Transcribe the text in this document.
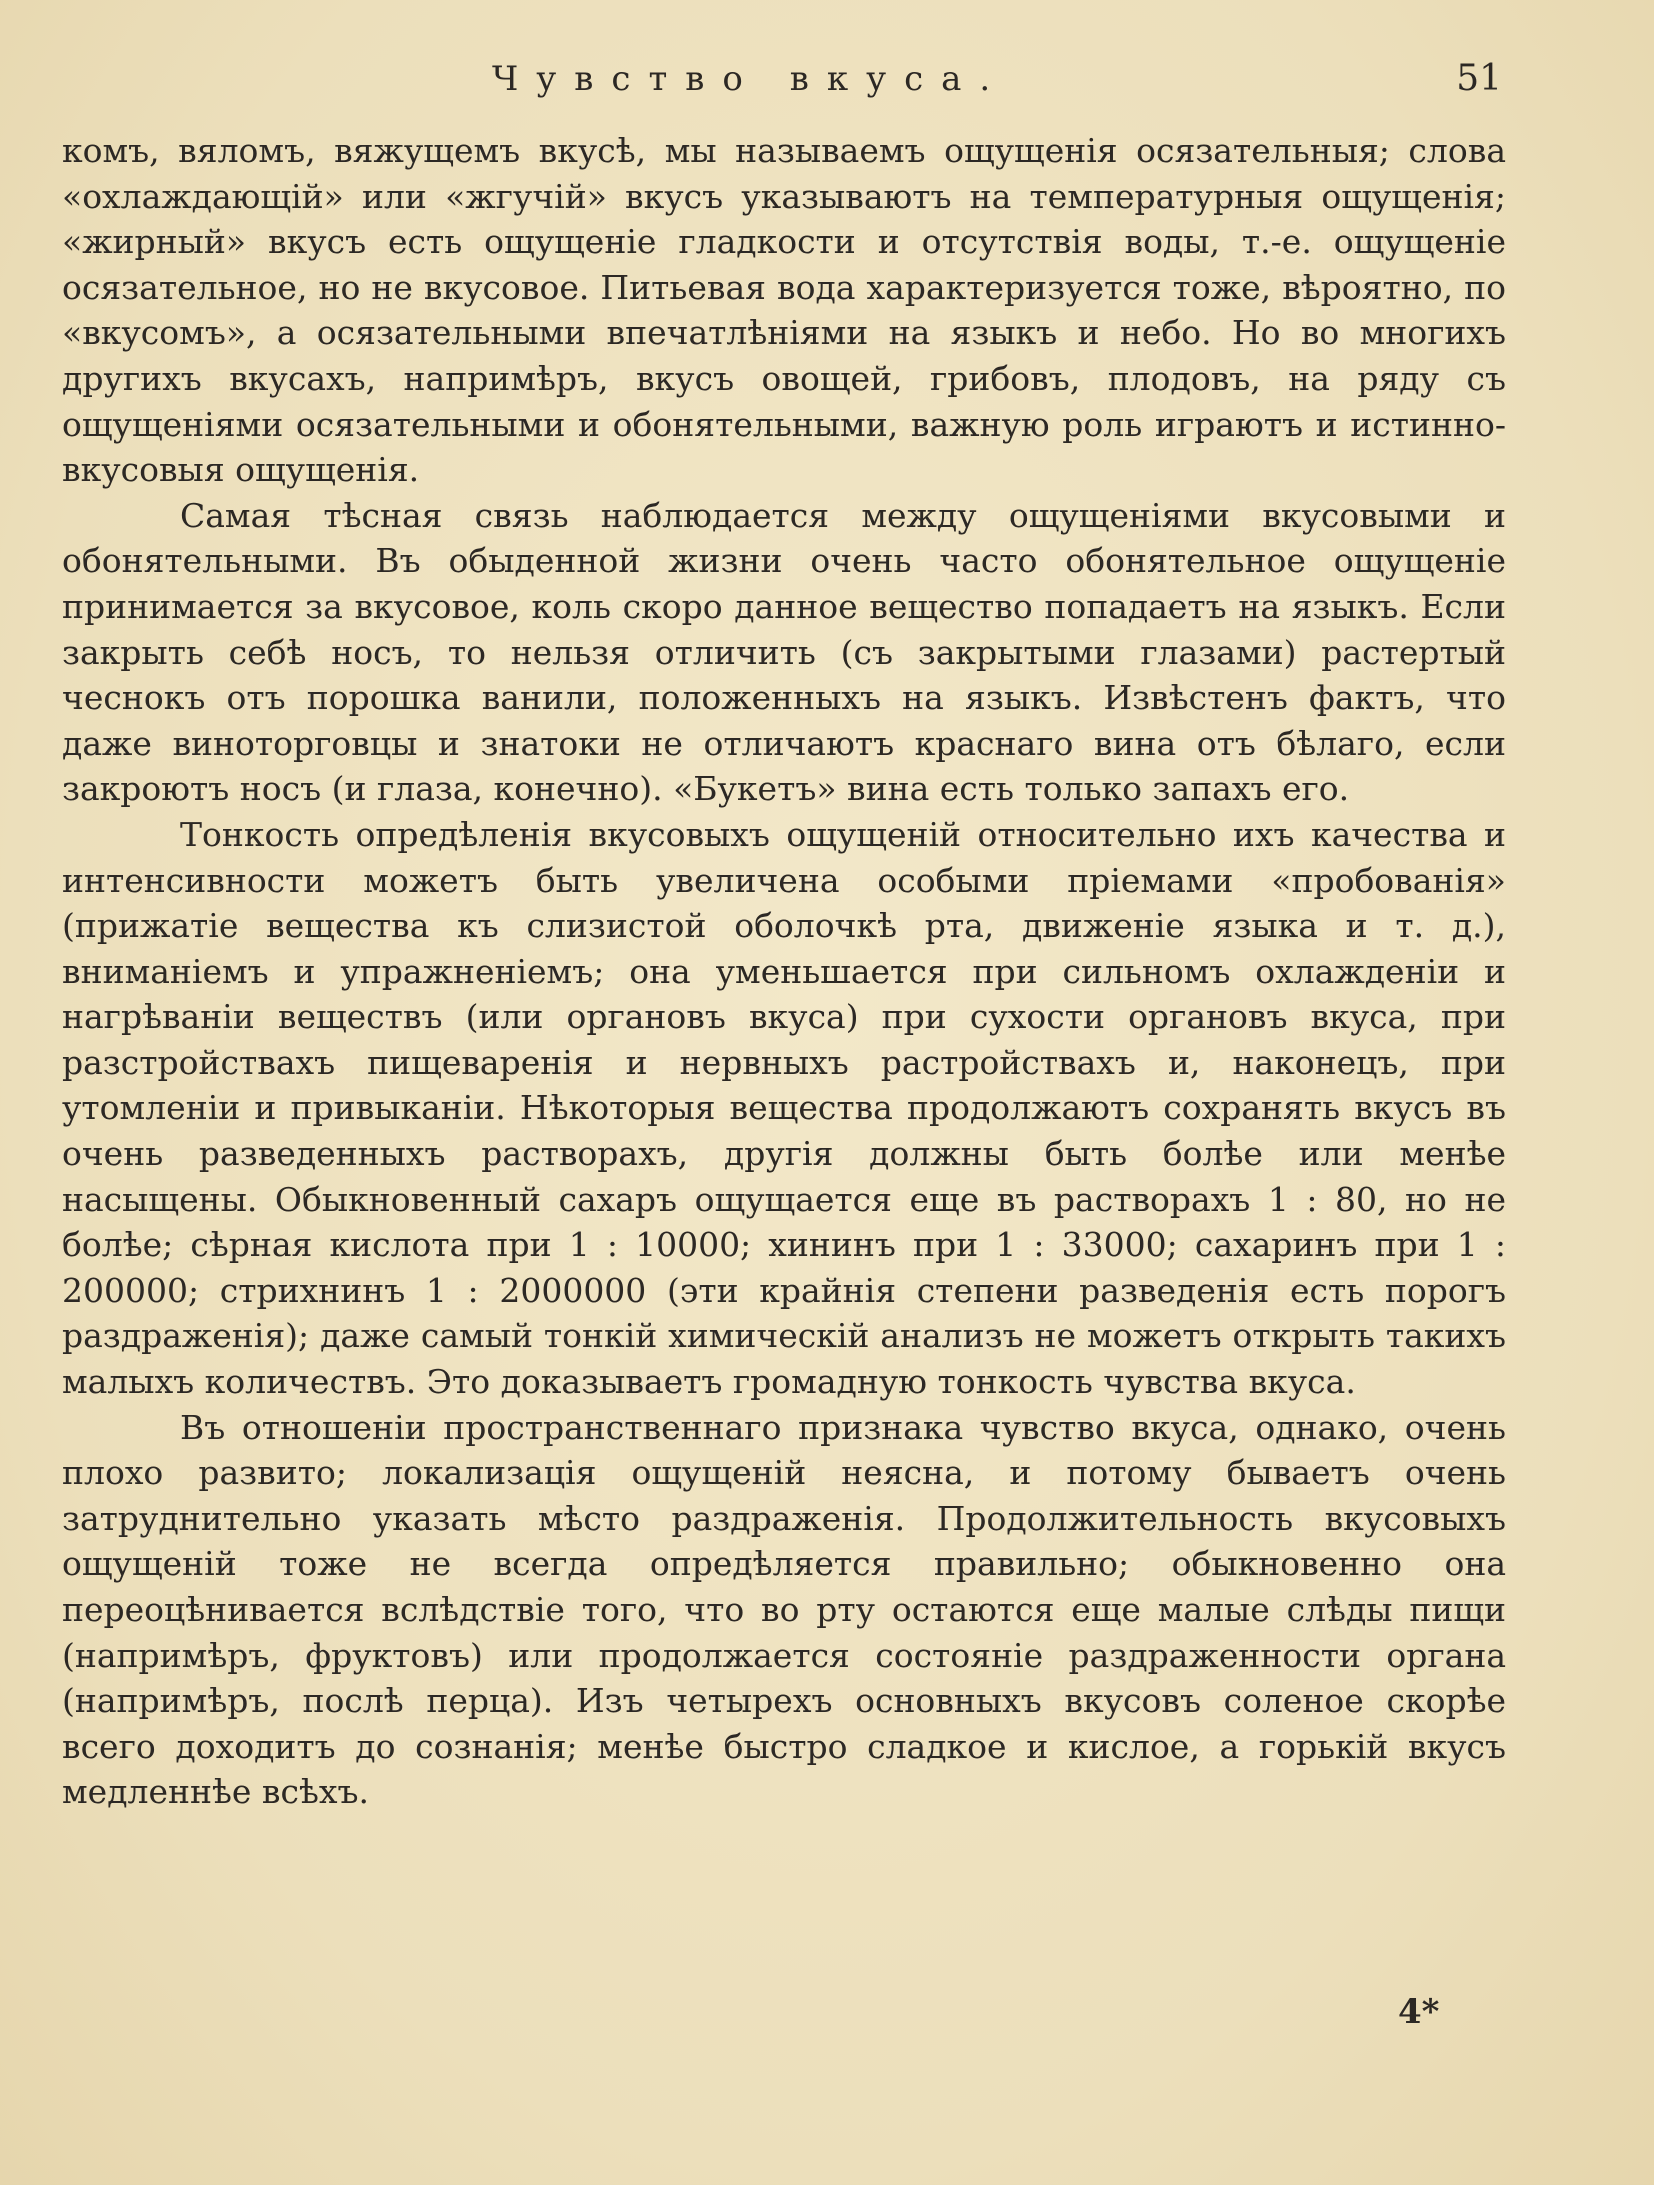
Чувство вкуса.	51

комъ, вяломъ, вяжущемъ вкусѣ, мы называемъ ощущенія осязательныя; слова «охлаждающій» или «жгучій» вкусъ указываютъ на температурныя ощущенія; «жирный» вкусъ есть ощущеніе гладкости и отсутствія воды, т.-е. ощущеніе осязательное, но не вкусовое. Питьевая вода характеризуется тоже, вѣроятно, по «вкусомъ», а осязательными впечатлѣніями на языкъ и небо. Но во многихъ другихъ вкусахъ, напримѣръ, вкусъ овощей, грибовъ, плодовъ, на ряду съ ощущеніями осязательными и обонятельными, важную роль играютъ и истинно-вкусовыя ощущенія.

Самая тѣсная связь наблюдается между ощущеніями вкусовыми и обонятельными. Въ обыденной жизни очень часто обонятельное ощущеніе принимается за вкусовое, коль скоро данное вещество попадаетъ на языкъ. Если закрыть себѣ носъ, то нельзя отличить (съ закрытыми глазами) растертый чеснокъ отъ порошка ванили, положенныхъ на языкъ. Извѣстенъ фактъ, что даже виноторговцы и знатоки не отличаютъ краснаго вина отъ бѣлаго, если закроютъ носъ (и глаза, конечно). «Букетъ» вина есть только запахъ его.

Тонкость опредѣленія вкусовыхъ ощущеній относительно ихъ качества и интенсивности можетъ быть увеличена особыми пріемами «пробованія» (прижатіе вещества къ слизистой оболочкѣ рта, движеніе языка и т. д.), вниманіемъ и упражненіемъ; она уменьшается при сильномъ охлажденіи и нагрѣваніи веществъ (или органовъ вкуса) при сухости органовъ вкуса, при разстройствахъ пищеваренія и нервныхъ растройствахъ и, наконецъ, при утомленіи и привыканіи. Нѣкоторыя вещества продолжаютъ сохранять вкусъ въ очень разведенныхъ растворахъ, другія должны быть болѣе или менѣе насыщены. Обыкновенный сахаръ ощущается еще въ растворахъ 1 : 80, но не болѣе; сѣрная кислота при 1 : 10000; хининъ при 1 : 33000; сахаринъ при 1 : 200000; стрихнинъ 1 : 2000000 (эти крайнія степени разведенія есть порогъ раздраженія); даже самый тонкій химическій анализъ не можетъ открыть такихъ малыхъ количествъ. Это доказываетъ громадную тонкость чувства вкуса.

Въ отношеніи пространственнаго признака чувство вкуса, однако, очень плохо развито; локализація ощущеній неясна, и потому бываетъ очень затруднительно указать мѣсто раздраженія. Продолжительность вкусовыхъ ощущеній тоже не всегда опредѣляется правильно; обыкновенно она переоцѣнивается вслѣдствіе того, что во рту остаются еще малые слѣды пищи (напримѣръ, фруктовъ) или продолжается состояніе раздраженности органа (напримѣръ, послѣ перца). Изъ четырехъ основныхъ вкусовъ соленое скорѣе всего доходитъ до сознанія; менѣе быстро сладкое и кислое, а горькій вкусъ медленнѣе всѣхъ.

4*
